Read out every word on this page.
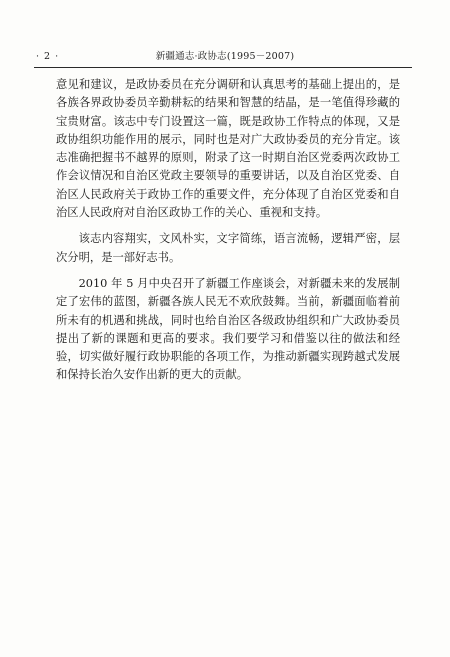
· 2 ·	新疆通志·政协志(1995－2007)

意见和建议，是政协委员在充分调研和认真思考的基础上提出的，是各族各界政协委员辛勤耕耘的结果和智慧的结晶，是一笔值得珍藏的宝贵财富。该志中专门设置这一篇，既是政协工作特点的体现，又是政协组织功能作用的展示，同时也是对广大政协委员的充分肯定。该志准确把握书不越界的原则，附录了这一时期自治区党委两次政协工作会议情况和自治区党政主要领导的重要讲话，以及自治区党委、自治区人民政府关于政协工作的重要文件，充分体现了自治区党委和自治区人民政府对自治区政协工作的关心、重视和支持。

该志内容翔实，文风朴实，文字简练，语言流畅，逻辑严密，层次分明，是一部好志书。

2010 年 5 月中央召开了新疆工作座谈会，对新疆未来的发展制定了宏伟的蓝图，新疆各族人民无不欢欣鼓舞。当前，新疆面临着前所未有的机遇和挑战，同时也给自治区各级政协组织和广大政协委员提出了新的课题和更高的要求。我们要学习和借鉴以往的做法和经验，切实做好履行政协职能的各项工作，为推动新疆实现跨越式发展和保持长治久安作出新的更大的贡献。
